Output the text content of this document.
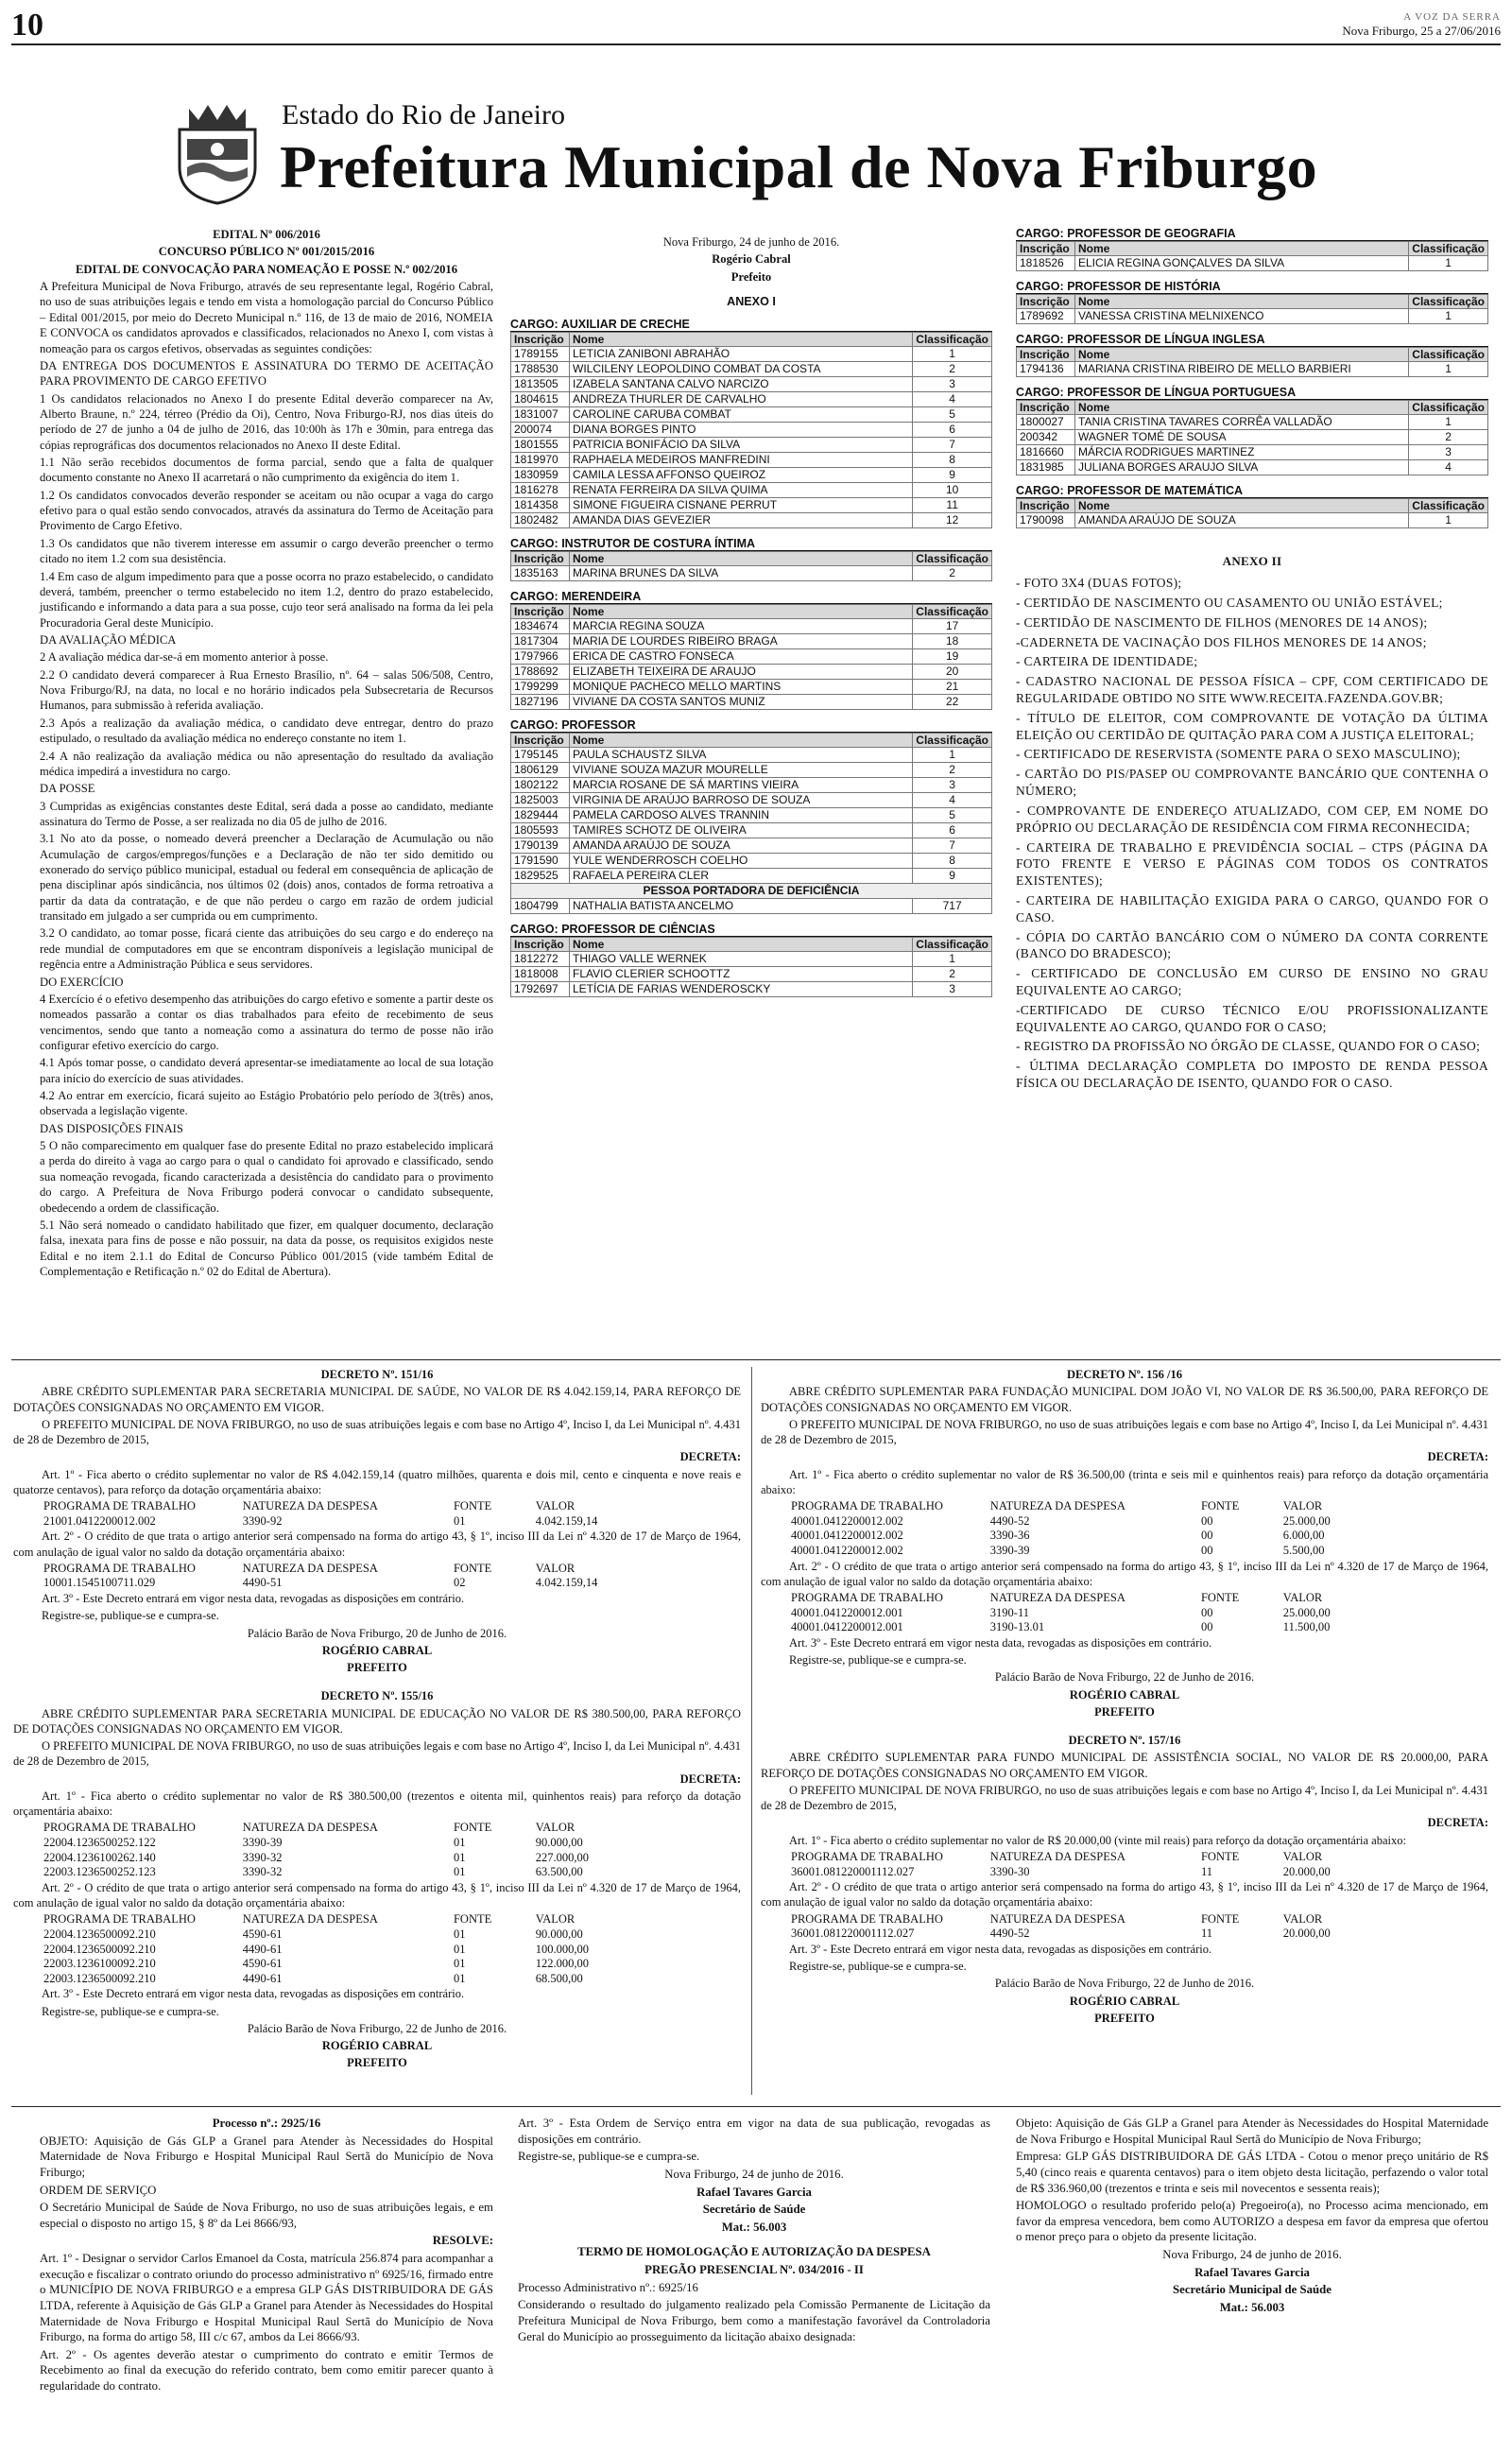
10	A VOZ DA SERRA
Nova Friburgo, 25 a 27/06/2016
Estado do Rio de Janeiro
Prefeitura Municipal de Nova Friburgo

EDITAL Nº 006/2016

CONCURSO PÚBLICO Nº 001/2015/2016

EDITAL DE CONVOCAÇÃO PARA NOMEAÇÃO E POSSE N.º 002/2016

A Prefeitura Municipal de Nova Friburgo, através de seu representante legal, Rogério Cabral, no uso de suas atribuições legais e tendo em vista a homologação parcial do Concurso Público – Edital 001/2015, por meio do Decreto Municipal n.º 116, de 13 de maio de 2016, NOMEIA E CONVOCA os candidatos aprovados e classificados, relacionados no Anexo I, com vistas à nomeação para os cargos efetivos, observadas as seguintes condições:

DA ENTREGA DOS DOCUMENTOS E ASSINATURA DO TERMO DE ACEITAÇÃO PARA PROVIMENTO DE CARGO EFETIVO

1 Os candidatos relacionados no Anexo I do presente Edital deverão comparecer na Av, Alberto Braune, n.º 224, térreo (Prédio da Oi), Centro, Nova Friburgo-RJ, nos dias úteis do período de 27 de junho a 04 de julho de 2016, das 10:00h às 17h e 30min, para entrega das cópias reprográficas dos documentos relacionados no Anexo II deste Edital.

1.1 Não serão recebidos documentos de forma parcial, sendo que a falta de qualquer documento constante no Anexo II acarretará o não cumprimento da exigência do item 1.

1.2 Os candidatos convocados deverão responder se aceitam ou não ocupar a vaga do cargo efetivo para o qual estão sendo convocados, através da assinatura do Termo de Aceitação para Provimento de Cargo Efetivo.

1.3 Os candidatos que não tiverem interesse em assumir o cargo deverão preencher o termo citado no item 1.2 com sua desistência.

1.4 Em caso de algum impedimento para que a posse ocorra no prazo estabelecido, o candidato deverá, também, preencher o termo estabelecido no item 1.2, dentro do prazo estabelecido, justificando e informando a data para a sua posse, cujo teor será analisado na forma da lei pela Procuradoria Geral deste Município.

DA AVALIAÇÃO MÉDICA

2 A avaliação médica dar-se-á em momento anterior à posse.

2.2 O candidato deverá comparecer à Rua Ernesto Brasílio, nº. 64 – salas 506/508, Centro, Nova Friburgo/RJ, na data, no local e no horário indicados pela Subsecretaria de Recursos Humanos, para submissão à referida avaliação.

2.3 Após a realização da avaliação médica, o candidato deve entregar, dentro do prazo estipulado, o resultado da avaliação médica no endereço constante no item 1.

2.4 A não realização da avaliação médica ou não apresentação do resultado da avaliação médica impedirá a investidura no cargo.

DA POSSE

3 Cumpridas as exigências constantes deste Edital, será dada a posse ao candidato, mediante assinatura do Termo de Posse, a ser realizada no dia 05 de julho de 2016.

3.1 No ato da posse, o nomeado deverá preencher a Declaração de Acumulação ou não Acumulação de cargos/empregos/funções e a Declaração de não ter sido demitido ou exonerado do serviço público municipal, estadual ou federal em consequência de aplicação de pena disciplinar após sindicância, nos últimos 02 (dois) anos, contados de forma retroativa a partir da data da contratação, e de que não perdeu o cargo em razão de ordem judicial transitado em julgado a ser cumprida ou em cumprimento.

3.2 O candidato, ao tomar posse, ficará ciente das atribuições do seu cargo e do endereço na rede mundial de computadores em que se encontram disponíveis a legislação municipal de regência entre a Administração Pública e seus servidores.

DO EXERCÍCIO

4 Exercício é o efetivo desempenho das atribuições do cargo efetivo e somente a partir deste os nomeados passarão a contar os dias trabalhados para efeito de recebimento de seus vencimentos, sendo que tanto a nomeação como a assinatura do termo de posse não irão configurar efetivo exercício do cargo.

4.1 Após tomar posse, o candidato deverá apresentar-se imediatamente ao local de sua lotação para início do exercício de suas atividades.

4.2 Ao entrar em exercício, ficará sujeito ao Estágio Probatório pelo período de 3(três) anos, observada a legislação vigente.

DAS DISPOSIÇÕES FINAIS

5 O não comparecimento em qualquer fase do presente Edital no prazo estabelecido implicará a perda do direito à vaga ao cargo para o qual o candidato foi aprovado e classificado, sendo sua nomeação revogada, ficando caracterizada a desistência do candidato para o provimento do cargo. A Prefeitura de Nova Friburgo poderá convocar o candidato subsequente, obedecendo a ordem de classificação.

5.1 Não será nomeado o candidato habilitado que fizer, em qualquer documento, declaração falsa, inexata para fins de posse e não possuir, na data da posse, os requisitos exigidos neste Edital e no item 2.1.1 do Edital de Concurso Público 001/2015 (vide também Edital de Complementação e Retificação n.º 02 do Edital de Abertura).

Nova Friburgo, 24 de junho de 2016.

Rogério Cabral

Prefeito

ANEXO I

CARGO: AUXILIAR DE CRECHE
Inscrição	Nome	Classificação
1789155	LETICIA ZANIBONI ABRAHÃO	1
1788530	WILCILENY LEOPOLDINO COMBAT DA COSTA	2
1813505	IZABELA SANTANA CALVO NARCIZO	3
1804615	ANDREZA THURLER DE CARVALHO	4
1831007	CAROLINE CARUBA COMBAT	5
200074	DIANA BORGES PINTO	6
1801555	PATRICIA BONIFÁCIO DA SILVA	7
1819970	RAPHAELA MEDEIROS MANFREDINI	8
1830959	CAMILA LESSA AFFONSO QUEIROZ	9
1816278	RENATA FERREIRA DA SILVA QUIMA	10
1814358	SIMONE FIGUEIRA CISNANE PERRUT	11
1802482	AMANDA DIAS GEVEZIER	12
CARGO: INSTRUTOR DE COSTURA ÍNTIMA
Inscrição	Nome	Classificação
1835163	MARINA BRUNES DA SILVA	2
CARGO: MERENDEIRA
Inscrição	Nome	Classificação
1834674	MARCIA REGINA SOUZA	17
1817304	MARIA DE LOURDES RIBEIRO BRAGA	18
1797966	ERICA DE CASTRO FONSECA	19
1788692	ELIZABETH TEIXEIRA DE ARAUJO	20
1799299	MONIQUE PACHECO MELLO MARTINS	21
1827196	VIVIANE DA COSTA SANTOS MUNIZ	22
CARGO: PROFESSOR
Inscrição	Nome	Classificação
1795145	PAULA SCHAUSTZ SILVA	1
1806129	VIVIANE SOUZA MAZUR MOURELLE	2
1802122	MARCIA ROSANE DE SÁ MARTINS VIEIRA	3
1825003	VIRGINIA DE ARAÚJO BARROSO DE SOUZA	4
1829444	PAMELA CARDOSO ALVES TRANNIN	5
1805593	TAMIRES SCHOTZ DE OLIVEIRA	6
1790139	AMANDA ARAÚJO DE SOUZA	7
1791590	YULE WENDERROSCH COELHO	8
1829525	RAFAELA PEREIRA CLER	9
PESSOA PORTADORA DE DEFICIÊNCIA		
1804799	NATHALIA BATISTA ANCELMO	717
CARGO: PROFESSOR DE CIÊNCIAS
Inscrição	Nome	Classificação
1812272	THIAGO VALLE WERNEK	1
1818008	FLAVIO CLERIER SCHOOTTZ	2
1792697	LETÍCIA DE FARIAS WENDEROSCKY	3
CARGO: PROFESSOR DE GEOGRAFIA
Inscrição	Nome	Classificação
1818526	ELICIA REGINA GONÇALVES DA SILVA	1
CARGO: PROFESSOR DE HISTÓRIA
Inscrição	Nome	Classificação
1789692	VANESSA CRISTINA MELNIXENCO	1
CARGO: PROFESSOR DE LÍNGUA INGLESA
Inscrição	Nome	Classificação
1794136	MARIANA CRISTINA RIBEIRO DE MELLO BARBIERI	1
CARGO: PROFESSOR DE LÍNGUA PORTUGUESA
Inscrição	Nome	Classificação
1800027	TANIA CRISTINA TAVARES CORRÊA VALLADÃO	1
200342	WAGNER TOMÉ DE SOUSA	2
1816660	MÁRCIA RODRIGUES MARTINEZ	3
1831985	JULIANA BORGES ARAUJO SILVA	4
CARGO: PROFESSOR DE MATEMÁTICA
Inscrição	Nome	Classificação
1790098	AMANDA ARAÚJO DE SOUZA	1

ANEXO II

- FOTO 3X4 (DUAS FOTOS);

- CERTIDÃO DE NASCIMENTO OU CASAMENTO OU UNIÃO ESTÁVEL;

- CERTIDÃO DE NASCIMENTO DE FILHOS (MENORES DE 14 ANOS);

-CADERNETA DE VACINAÇÃO DOS FILHOS MENORES DE 14 ANOS;

- CARTEIRA DE IDENTIDADE;

- CADASTRO NACIONAL DE PESSOA FÍSICA – CPF, COM CERTIFICADO DE REGULARIDADE OBTIDO NO SITE WWW.RECEITA.FAZENDA.GOV.BR;

- TÍTULO DE ELEITOR, COM COMPROVANTE DE VOTAÇÃO DA ÚLTIMA ELEIÇÃO OU CERTIDÃO DE QUITAÇÃO PARA COM A JUSTIÇA ELEITORAL;

- CERTIFICADO DE RESERVISTA (SOMENTE PARA O SEXO MASCULINO);

- CARTÃO DO PIS/PASEP OU COMPROVANTE BANCÁRIO QUE CONTENHA O NÚMERO;

- COMPROVANTE DE ENDEREÇO ATUALIZADO, COM CEP, EM NOME DO PRÓPRIO OU DECLARAÇÃO DE RESIDÊNCIA COM FIRMA RECONHECIDA;

- CARTEIRA DE TRABALHO E PREVIDÊNCIA SOCIAL – CTPS (PÁGINA DA FOTO FRENTE E VERSO E PÁGINAS COM TODOS OS CONTRATOS EXISTENTES);

- CARTEIRA DE HABILITAÇÃO EXIGIDA PARA O CARGO, QUANDO FOR O CASO.

- CÓPIA DO CARTÃO BANCÁRIO COM O NÚMERO DA CONTA CORRENTE (BANCO DO BRADESCO);

- CERTIFICADO DE CONCLUSÃO EM CURSO DE ENSINO NO GRAU EQUIVALENTE AO CARGO;

-CERTIFICADO DE CURSO TÉCNICO E/OU PROFISSIONALIZANTE EQUIVALENTE AO CARGO, QUANDO FOR O CASO;

- REGISTRO DA PROFISSÃO NO ÓRGÃO DE CLASSE, QUANDO FOR O CASO;

- ÚLTIMA DECLARAÇÃO COMPLETA DO IMPOSTO DE RENDA PESSOA FÍSICA OU DECLARAÇÃO DE ISENTO, QUANDO FOR O CASO.

DECRETO Nº. 151/16

ABRE CRÉDITO SUPLEMENTAR PARA SECRETARIA MUNICIPAL DE SAÚDE, NO VALOR DE R$ 4.042.159,14, PARA REFORÇO DE DOTAÇÕES CONSIGNADAS NO ORÇAMENTO EM VIGOR.

O PREFEITO MUNICIPAL DE NOVA FRIBURGO, no uso de suas atribuições legais e com base no Artigo 4º, Inciso I, da Lei Municipal nº. 4.431 de 28 de Dezembro de 2015,

DECRETA:

Art. 1º - Fica aberto o crédito suplementar no valor de R$ 4.042.159,14 (quatro milhões, quarenta e dois mil, cento e cinquenta e nove reais e quatorze centavos), para reforço da dotação orçamentária abaixo:

PROGRAMA DE TRABALHO	NATUREZA DA DESPESA	FONTE	VALOR
21001.0412200012.002	3390-92	01	4.042.159,14

Art. 2º - O crédito de que trata o artigo anterior será compensado na forma do artigo 43, § 1º, inciso III da Lei nº 4.320 de 17 de Março de 1964, com anulação de igual valor no saldo da dotação orçamentária abaixo:

PROGRAMA DE TRABALHO	NATUREZA DA DESPESA	FONTE	VALOR
10001.1545100711.029	4490-51	02	4.042.159,14

Art. 3º - Este Decreto entrará em vigor nesta data, revogadas as disposições em contrário.

Registre-se, publique-se e cumpra-se.

Palácio Barão de Nova Friburgo, 20 de Junho de 2016.

ROGÉRIO CABRAL

PREFEITO

DECRETO Nº. 155/16

ABRE CRÉDITO SUPLEMENTAR PARA SECRETARIA MUNICIPAL DE EDUCAÇÃO NO VALOR DE R$ 380.500,00, PARA REFORÇO DE DOTAÇÕES CONSIGNADAS NO ORÇAMENTO EM VIGOR.

O PREFEITO MUNICIPAL DE NOVA FRIBURGO, no uso de suas atribuições legais e com base no Artigo 4º, Inciso I, da Lei Municipal nº. 4.431 de 28 de Dezembro de 2015,

DECRETA:

Art. 1º - Fica aberto o crédito suplementar no valor de R$ 380.500,00 (trezentos e oitenta mil, quinhentos reais) para reforço da dotação orçamentária abaixo:

PROGRAMA DE TRABALHO	NATUREZA DA DESPESA	FONTE	VALOR
22004.1236500252.122	3390-39	01	90.000,00
22004.1236100262.140	3390-32	01	227.000,00
22003.1236500252.123	3390-32	01	63.500,00

Art. 2º - O crédito de que trata o artigo anterior será compensado na forma do artigo 43, § 1º, inciso III da Lei nº 4.320 de 17 de Março de 1964, com anulação de igual valor no saldo da dotação orçamentária abaixo:

PROGRAMA DE TRABALHO	NATUREZA DA DESPESA	FONTE	VALOR
22004.1236500092.210	4590-61	01	90.000,00
22004.1236500092.210	4490-61	01	100.000,00
22003.1236100092.210	4590-61	01	122.000,00
22003.1236500092.210	4490-61	01	68.500,00

Art. 3º - Este Decreto entrará em vigor nesta data, revogadas as disposições em contrário.

Registre-se, publique-se e cumpra-se.

Palácio Barão de Nova Friburgo, 22 de Junho de 2016.

ROGÉRIO CABRAL

PREFEITO

DECRETO Nº. 156 /16

ABRE CRÉDITO SUPLEMENTAR PARA FUNDAÇÃO MUNICIPAL DOM JOÃO VI, NO VALOR DE R$ 36.500,00, PARA REFORÇO DE DOTAÇÕES CONSIGNADAS NO ORÇAMENTO EM VIGOR.

O PREFEITO MUNICIPAL DE NOVA FRIBURGO, no uso de suas atribuições legais e com base no Artigo 4º, Inciso I, da Lei Municipal nº. 4.431 de 28 de Dezembro de 2015,

DECRETA:

Art. 1º - Fica aberto o crédito suplementar no valor de R$ 36.500,00 (trinta e seis mil e quinhentos reais) para reforço da dotação orçamentária abaixo:

PROGRAMA DE TRABALHO	NATUREZA DA DESPESA	FONTE	VALOR
40001.0412200012.002	4490-52	00	25.000,00
40001.0412200012.002	3390-36	00	6.000,00
40001.0412200012.002	3390-39	00	5.500,00

Art. 2º - O crédito de que trata o artigo anterior será compensado na forma do artigo 43, § 1º, inciso III da Lei nº 4.320 de 17 de Março de 1964, com anulação de igual valor no saldo da dotação orçamentária abaixo:

PROGRAMA DE TRABALHO	NATUREZA DA DESPESA	FONTE	VALOR
40001.0412200012.001	3190-11	00	25.000,00
40001.0412200012.001	3190-13.01	00	11.500,00

Art. 3º - Este Decreto entrará em vigor nesta data, revogadas as disposições em contrário.

Registre-se, publique-se e cumpra-se.

Palácio Barão de Nova Friburgo, 22 de Junho de 2016.

ROGÉRIO CABRAL

PREFEITO

DECRETO Nº. 157/16

ABRE CRÉDITO SUPLEMENTAR PARA FUNDO MUNICIPAL DE ASSISTÊNCIA SOCIAL, NO VALOR DE R$ 20.000,00, PARA REFORÇO DE DOTAÇÕES CONSIGNADAS NO ORÇAMENTO EM VIGOR.

O PREFEITO MUNICIPAL DE NOVA FRIBURGO, no uso de suas atribuições legais e com base no Artigo 4º, Inciso I, da Lei Municipal nº. 4.431 de 28 de Dezembro de 2015,

DECRETA:

Art. 1º - Fica aberto o crédito suplementar no valor de R$ 20.000,00 (vinte mil reais) para reforço da dotação orçamentária abaixo:

PROGRAMA DE TRABALHO	NATUREZA DA DESPESA	FONTE	VALOR
36001.081220001112.027	3390-30	11	20.000,00

Art. 2º - O crédito de que trata o artigo anterior será compensado na forma do artigo 43, § 1º, inciso III da Lei nº 4.320 de 17 de Março de 1964, com anulação de igual valor no saldo da dotação orçamentária abaixo:

PROGRAMA DE TRABALHO	NATUREZA DA DESPESA	FONTE	VALOR
36001.081220001112.027	4490-52	11	20.000,00

Art. 3º - Este Decreto entrará em vigor nesta data, revogadas as disposições em contrário.

Registre-se, publique-se e cumpra-se.

Palácio Barão de Nova Friburgo, 22 de Junho de 2016.

ROGÉRIO CABRAL

PREFEITO

Processo nº.: 2925/16

OBJETO: Aquisição de Gás GLP a Granel para Atender às Necessidades do Hospital Maternidade de Nova Friburgo e Hospital Municipal Raul Sertã do Município de Nova Friburgo;

ORDEM DE SERVIÇO

O Secretário Municipal de Saúde de Nova Friburgo, no uso de suas atribuições legais, e em especial o disposto no artigo 15, § 8º da Lei 8666/93,

RESOLVE:

Art. 1º - Designar o servidor Carlos Emanoel da Costa, matrícula 256.874 para acompanhar a execução e fiscalizar o contrato oriundo do processo administrativo nº 6925/16, firmado entre o MUNICÍPIO DE NOVA FRIBURGO e a empresa GLP GÁS DISTRIBUIDORA DE GÁS LTDA, referente à Aquisição de Gás GLP a Granel para Atender às Necessidades do Hospital Maternidade de Nova Friburgo e Hospital Municipal Raul Sertã do Município de Nova Friburgo, na forma do artigo 58, III c/c 67, ambos da Lei 8666/93.

Art. 2º - Os agentes deverão atestar o cumprimento do contrato e emitir Termos de Recebimento ao final da execução do referido contrato, bem como emitir parecer quanto à regularidade do contrato.

Art. 3º - Esta Ordem de Serviço entra em vigor na data de sua publicação, revogadas as disposições em contrário.

Registre-se, publique-se e cumpra-se.

Nova Friburgo, 24 de junho de 2016.

Rafael Tavares Garcia

Secretário de Saúde

Mat.: 56.003

TERMO DE HOMOLOGAÇÃO E AUTORIZAÇÃO DA DESPESA

PREGÃO PRESENCIAL Nº. 034/2016 - II

Processo Administrativo nº.: 6925/16

Considerando o resultado do julgamento realizado pela Comissão Permanente de Licitação da Prefeitura Municipal de Nova Friburgo, bem como a manifestação favorável da Controladoria Geral do Município ao prosseguimento da licitação abaixo designada:

Objeto: Aquisição de Gás GLP a Granel para Atender às Necessidades do Hospital Maternidade de Nova Friburgo e Hospital Municipal Raul Sertã do Município de Nova Friburgo;

Empresa: GLP GÁS DISTRIBUIDORA DE GÁS LTDA - Cotou o menor preço unitário de R$ 5,40 (cinco reais e quarenta centavos) para o item objeto desta licitação, perfazendo o valor total de R$ 336.960,00 (trezentos e trinta e seis mil novecentos e sessenta reais);

HOMOLOGO o resultado proferido pelo(a) Pregoeiro(a), no Processo acima mencionado, em favor da empresa vencedora, bem como AUTORIZO a despesa em favor da empresa que ofertou o menor preço para o objeto da presente licitação.

Nova Friburgo, 24 de junho de 2016.

Rafael Tavares Garcia

Secretário Municipal de Saúde

Mat.: 56.003
